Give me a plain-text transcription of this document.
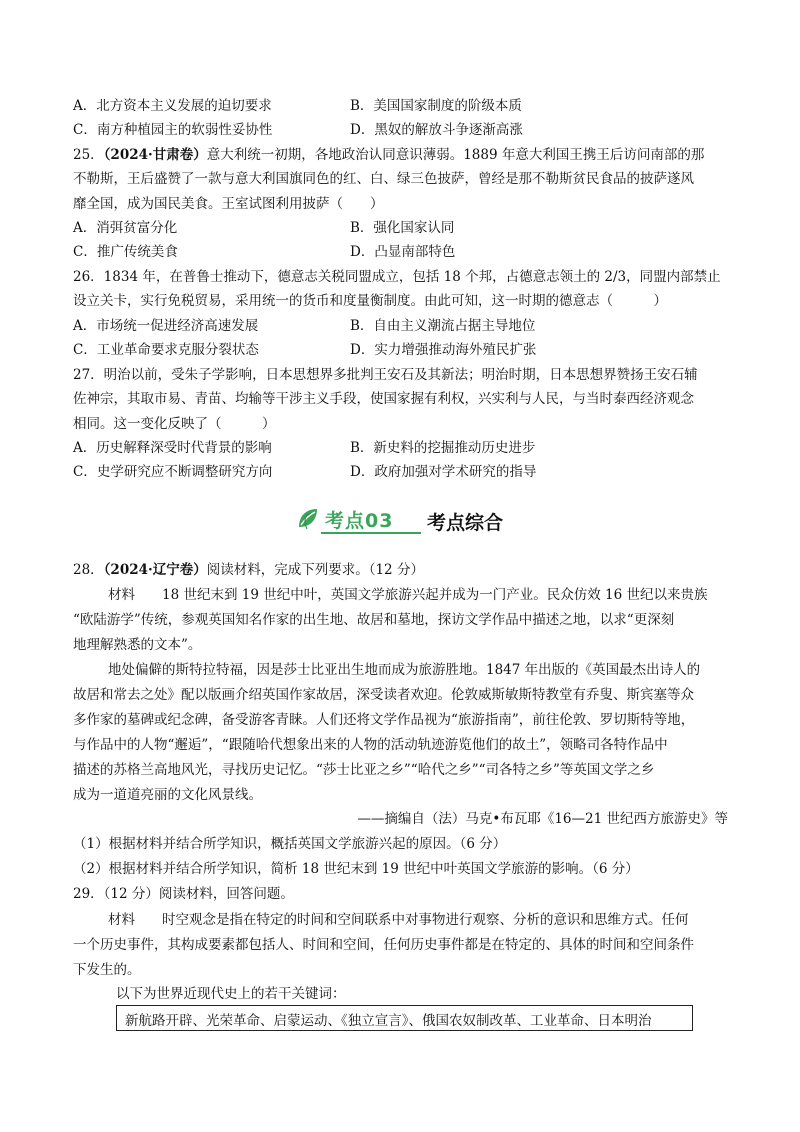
A．北方资本主义发展的迫切要求	B．美国国家制度的阶级本质
C．南方种植园主的软弱性妥协性	D．黑奴的解放斗争逐渐高涨
25．（2024·甘肃卷）意大利统一初期，各地政治认同意识薄弱。1889 年意大利国王携王后访问南部的那
不勒斯，王后盛赞了一款与意大利国旗同色的红、白、绿三色披萨，曾经是那不勒斯贫民食品的披萨遂风
靡全国，成为国民美食。王室试图利用披萨（　　）
A．消弭贫富分化	B．强化国家认同
C．推广传统美食	D．凸显南部特色
26．1834 年，在普鲁士推动下，德意志关税同盟成立，包括 18 个邦，占德意志领土的 2/3，同盟内部禁止
设立关卡，实行免税贸易，采用统一的货币和度量衡制度。由此可知，这一时期的德意志（　　　）
A．市场统一促进经济高速发展	B．自由主义潮流占据主导地位
C．工业革命要求克服分裂状态	D．实力增强推动海外殖民扩张
27．明治以前，受朱子学影响，日本思想界多批判王安石及其新法；明治时期，日本思想界赞扬王安石辅
佐神宗，其取市易、青苗、均输等干涉主义手段，使国家握有利权，兴实利与人民，与当时泰西经济观念
相同。这一变化反映了（　　　）
A．历史解释深受时代背景的影响	B．新史料的挖掘推动历史进步
C．史学研究应不断调整研究方向	D．政府加强对学术研究的指导
考点03 考点综合
28．（2024·辽宁卷）阅读材料，完成下列要求。（12 分）
材料　　18 世纪末到 19 世纪中叶，英国文学旅游兴起并成为一门产业。民众仿效 16 世纪以来贵族
“欧陆游学”传统，参观英国知名作家的出生地、故居和墓地，探访文学作品中描述之地，以求“更深刻
地理解熟悉的文本”。
地处偏僻的斯特拉特福，因是莎士比亚出生地而成为旅游胜地。1847 年出版的《英国最杰出诗人的
故居和常去之处》配以版画介绍英国作家故居，深受读者欢迎。伦敦威斯敏斯特教堂有乔叟、斯宾塞等众
多作家的墓碑或纪念碑，备受游客青睐。人们还将文学作品视为“旅游指南”，前往伦敦、罗切斯特等地，
与作品中的人物“邂逅”，“跟随哈代想象出来的人物的活动轨迹游览他们的故土”，领略司各特作品中
描述的苏格兰高地风光，寻找历史记忆。“莎士比亚之乡”“哈代之乡”“司各特之乡”等英国文学之乡
成为一道道亮丽的文化风景线。
——摘编自（法）马克•布瓦耶《16—21 世纪西方旅游史》等
（1）根据材料并结合所学知识，概括英国文学旅游兴起的原因。（6 分）
（2）根据材料并结合所学知识，简析 18 世纪末到 19 世纪中叶英国文学旅游的影响。（6 分）
29．（12 分）阅读材料，回答问题。
材料　　时空观念是指在特定的时间和空间联系中对事物进行观察、分析的意识和思维方式。任何
一个历史事件，其构成要素都包括人、时间和空间，任何历史事件都是在特定的、具体的时间和空间条件
下发生的。
以下为世界近现代史上的若干关键词：
新航路开辟、光荣革命、启蒙运动、《独立宣言》、俄国农奴制改革、工业革命、日本明治
